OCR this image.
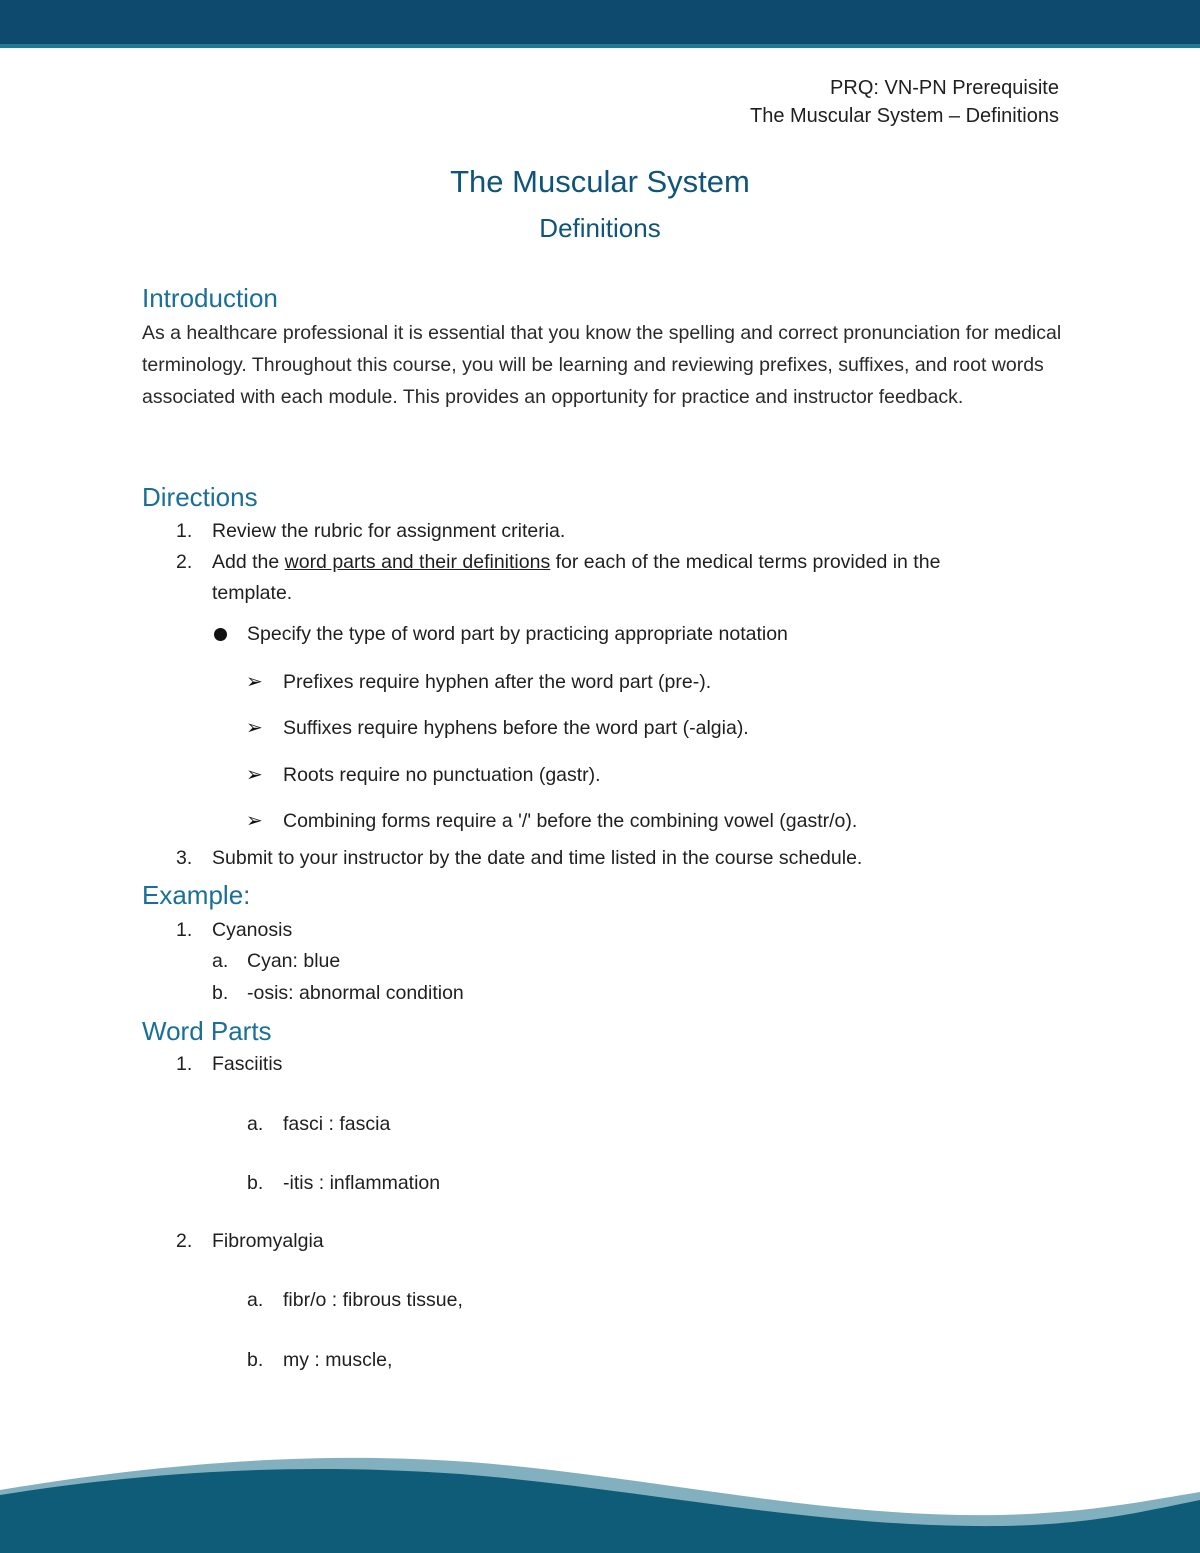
PRQ: VN-PN Prerequisite
The Muscular System – Definitions
The Muscular System
Definitions
Introduction

As a healthcare professional it is essential that you know the spelling and correct pronunciation for medical terminology. Throughout this course, you will be learning and reviewing prefixes, suffixes, and root words associated with each module. This provides an opportunity for practice and instructor feedback.

Directions
1. Review the rubric for assignment criteria.
2. Add the word parts and their definitions for each of the medical terms provided in the
template.
Specify the type of word part by practicing appropriate notation
➢ Prefixes require hyphen after the word part (pre-).
➢ Suffixes require hyphens before the word part (-algia).
➢ Roots require no punctuation (gastr).
➢ Combining forms require a '/' before the combining vowel (gastr/o).
3. Submit to your instructor by the date and time listed in the course schedule.
Example:
1. Cyanosis
a. Cyan: blue
b. -osis: abnormal condition
Word Parts
1. Fasciitis
a. fasci : fascia
b. -itis : inflammation
2. Fibromyalgia
a. fibr/o : fibrous tissue,
b. my : muscle,
